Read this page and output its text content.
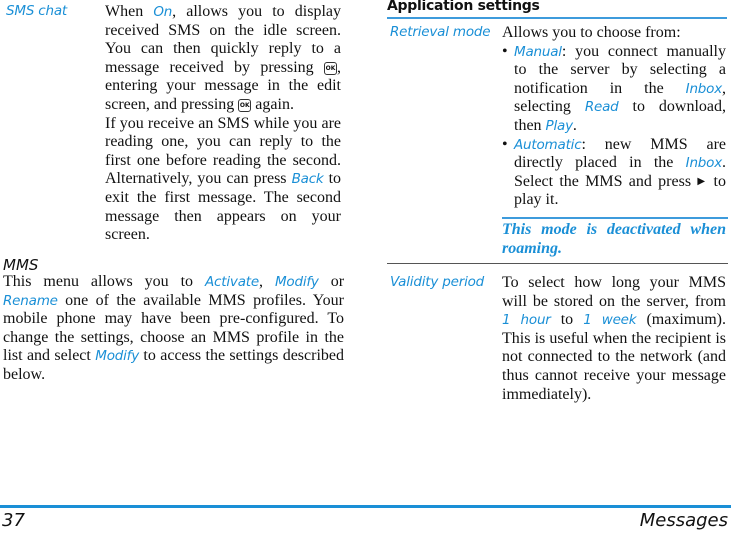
SMS chat When On, allows you to display received SMS on the idle screen. You can then quickly reply to a message received by pressing OK , entering your message in the edit screen, and pressing OK again.
If you receive an SMS while you are reading one, you can reply to the first one before reading the second. Alternatively, you can press Back to exit the first message. The second message then appears on your screen.
MMS
This menu allows you to Activate, Modify or Rename one of the available MMS profiles. Your mobile phone may have been pre-configured. To change the settings, choose an MMS profile in the list and select Modify to access the settings described below.
Application settings
Retrieval mode Allows you to choose from:
• Manual: you connect manually to the server by selecting a notification in the Inbox, selecting Read to download, then Play.
• Automatic: new MMS are directly placed in the Inbox. Select the MMS and press ▶ to play it.
This mode is deactivated when roaming.
Validity period To select how long your MMS will be stored on the server, from 1 hour to 1 week (maximum). This is useful when the recipient is not connected to the network (and thus cannot receive your message immediately).
37	Messages
